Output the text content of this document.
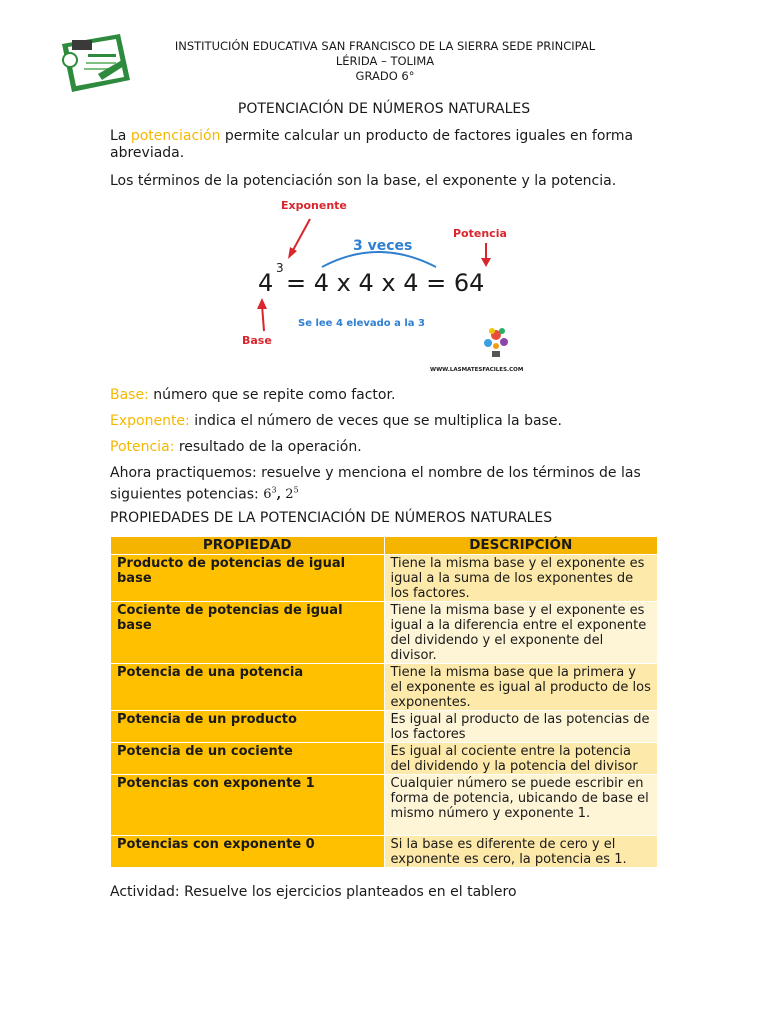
INSTITUCIÓN EDUCATIVA SAN FRANCISCO DE LA SIERRA SEDE PRINCIPAL
LÉRIDA – TOLIMA
GRADO 6°
POTENCIACIÓN DE NÚMEROS NATURALES
La potenciación permite calcular un producto de factores iguales en forma abreviada.
Los términos de la potenciación son la base, el exponente y la potencia.
Exponente
3 veces
Potencia
4
3
= 4 x 4 x 4 = 64
Base
Se lee 4 elevado a la 3
WWW.LASMATESFACILES.COM
Base: número que se repite como factor.
Exponente: indica el número de veces que se multiplica la base.
Potencia: resultado de la operación.
Ahora practiquemos: resuelve y menciona el nombre de los términos de las siguientes potencias: $6^3$, $2^5$
PROPIEDADES DE LA POTENCIACIÓN DE NÚMEROS NATURALES
PROPIEDAD	DESCRIPCIÓN
Producto de potencias de igual base	Tiene la misma base y el exponente es igual a la suma de los exponentes de los factores.
Cociente de potencias de igual base	Tiene la misma base y el exponente es igual a la diferencia entre el exponente del dividendo y el exponente del divisor.
Potencia de una potencia	Tiene la misma base que la primera y el exponente es igual al producto de los exponentes.
Potencia de un producto	Es igual al producto de las potencias de los factores
Potencia de un cociente	Es igual al cociente entre la potencia del dividendo y la potencia del divisor
Potencias con exponente 1	Cualquier número se puede escribir en forma de potencia, ubicando de base el mismo número y exponente 1.
Potencias con exponente 0	Si la base es diferente de cero y el exponente es cero, la potencia es 1.
Actividad: Resuelve los ejercicios planteados en el tablero
